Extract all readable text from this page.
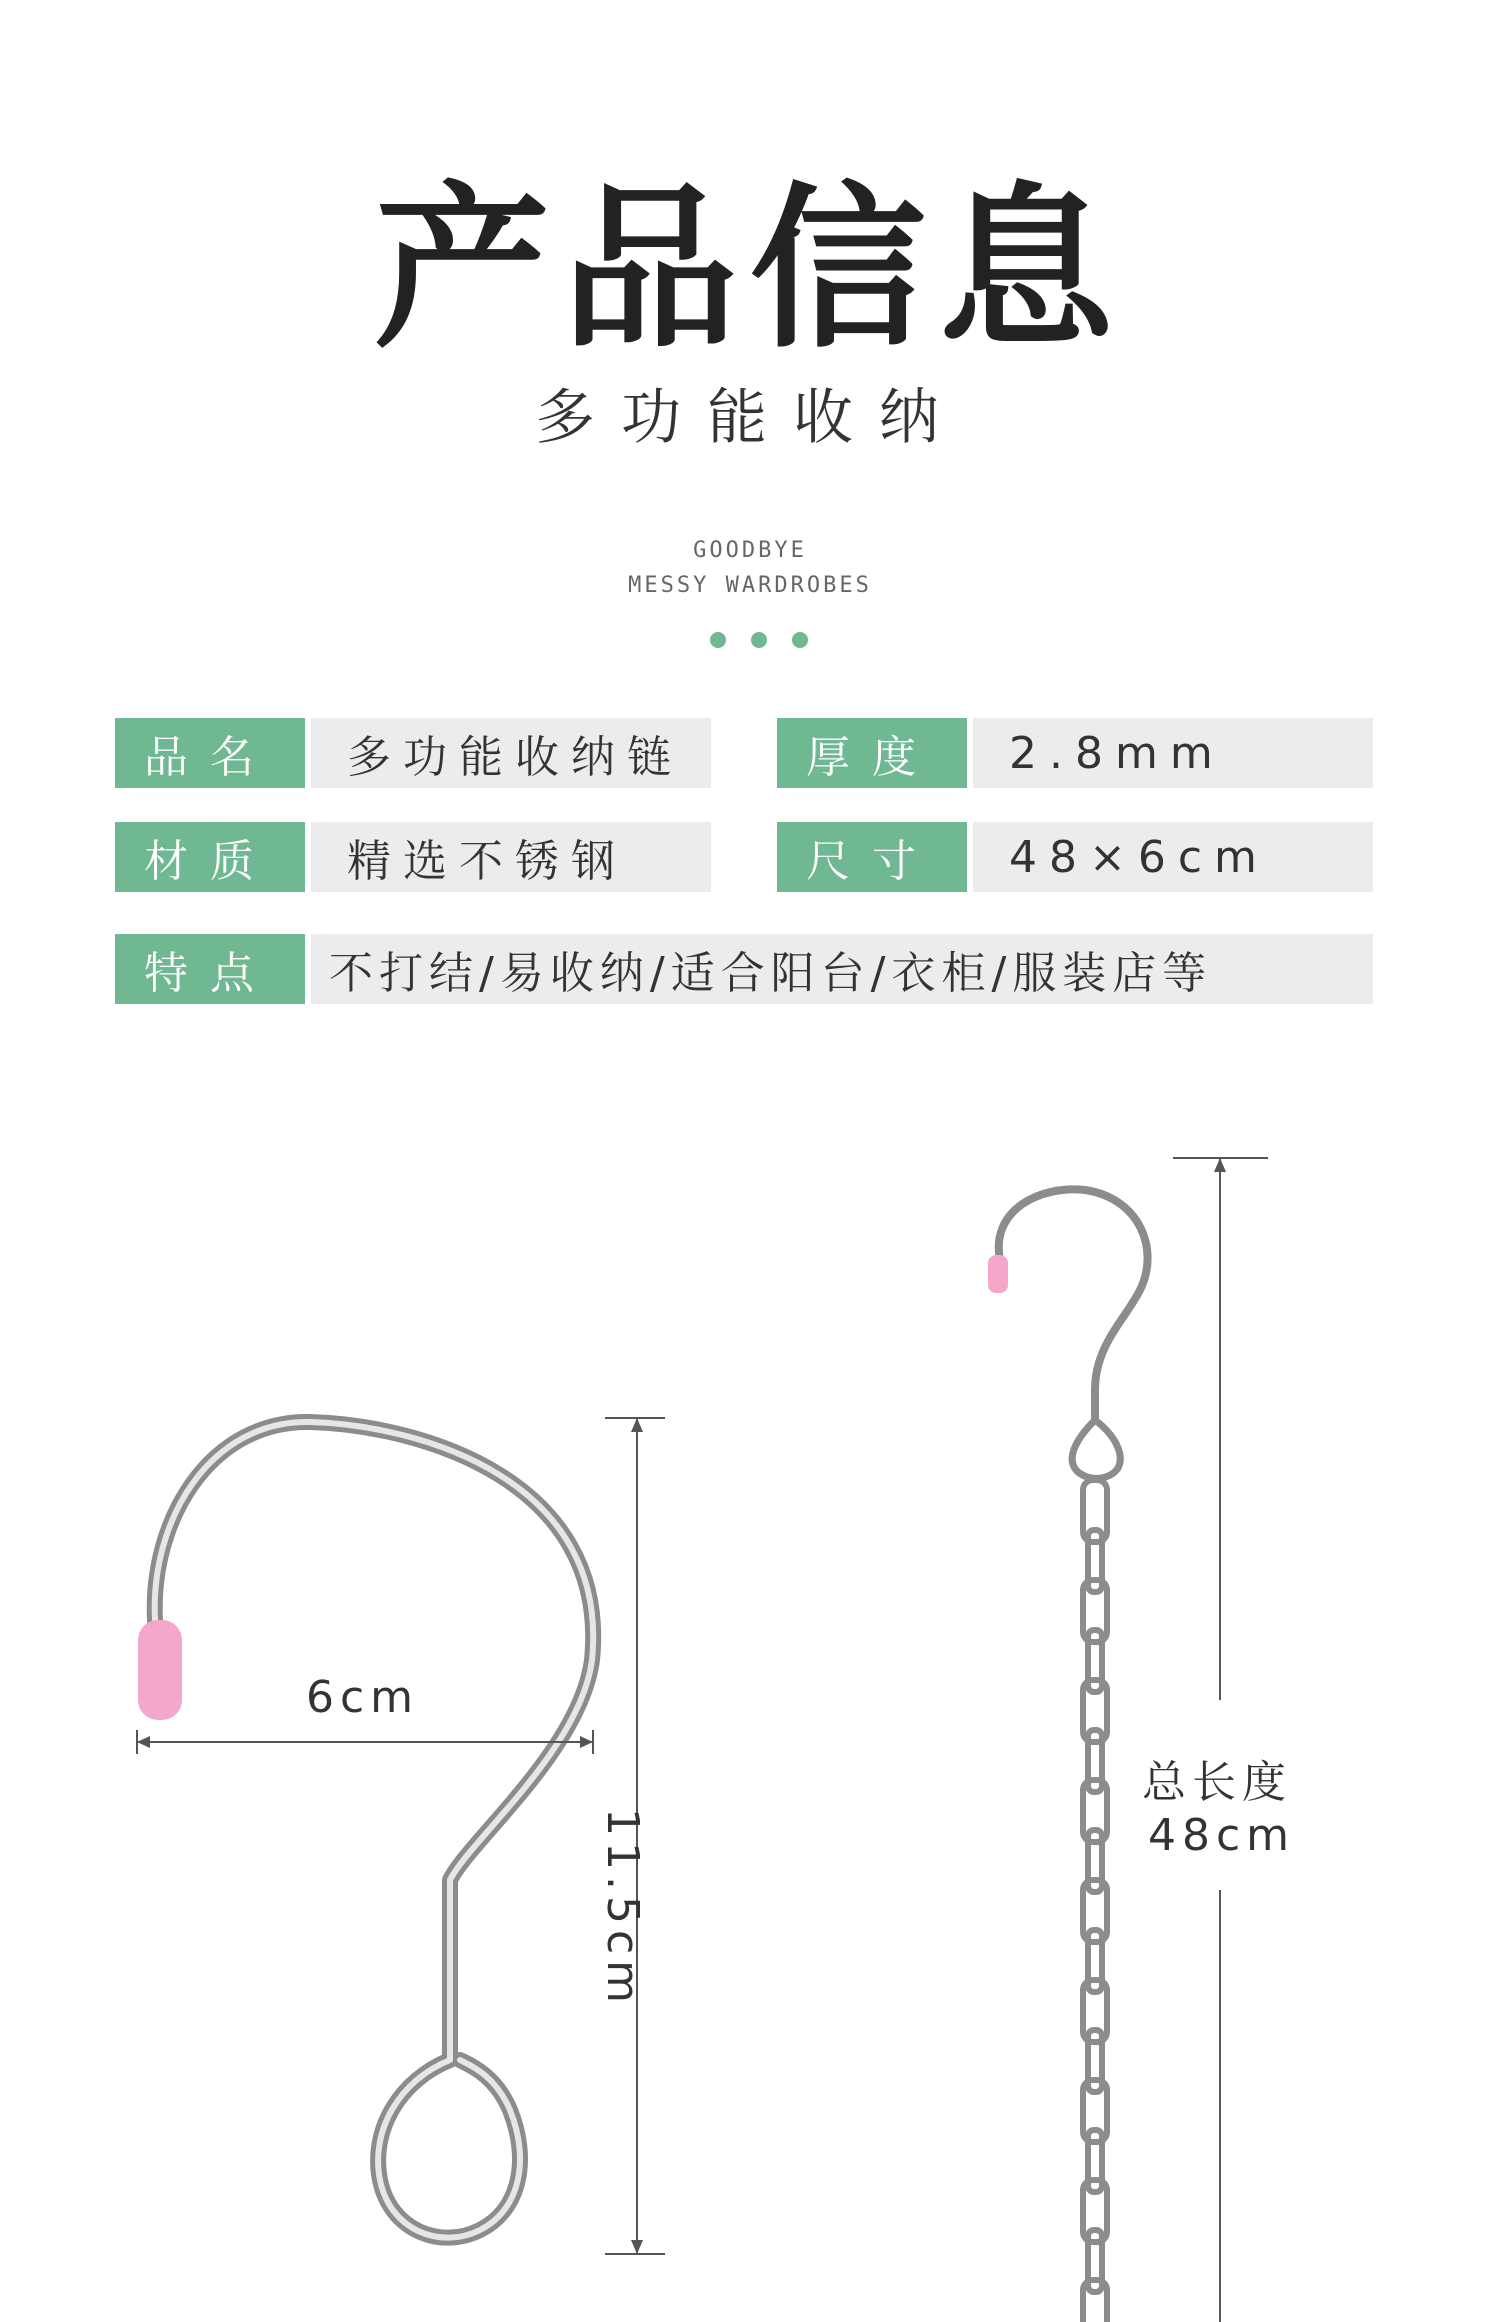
产品信息
多功能收纳
GOODBYE
MESSY WARDROBES
品名	多功能收纳链	厚度	2.8mm
材质	精选不锈钢	尺寸	48×6cm
特点	不打结/易收纳/适合阳台/衣柜/服装店等
6cm
11.5cm
总长度
48cm
